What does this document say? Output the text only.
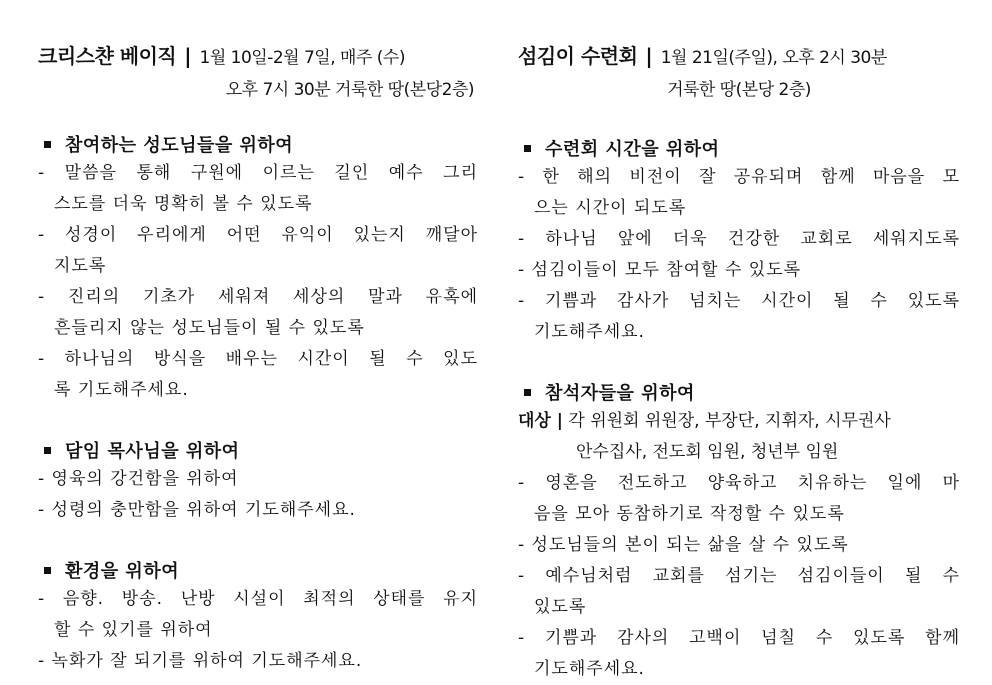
크리스챤 베이직 | 1월 10일-2월 7일, 매주 (수)
오후 7시 30분 거룩한 땅(본당2층)
참여하는 성도님들을 위하여
- 말씀을 통해 구원에 이르는 길인 예수 그리
스도를 더욱 명확히 볼 수 있도록
- 성경이 우리에게 어떤 유익이 있는지 깨달아
지도록
- 진리의 기초가 세워져 세상의 말과 유혹에
흔들리지 않는 성도님들이 될 수 있도록
- 하나님의 방식을 배우는 시간이 될 수 있도
록 기도해주세요.
담임 목사님을 위하여
- 영육의 강건함을 위하여
- 성령의 충만함을 위하여 기도해주세요.
환경을 위하여
- 음향. 방송. 난방 시설이 최적의 상태를 유지
할 수 있기를 위하여
- 녹화가 잘 되기를 위하여 기도해주세요.
섬김이 수련회 | 1월 21일(주일), 오후 2시 30분
거룩한 땅(본당 2층)
수련회 시간을 위하여
- 한 해의 비전이 잘 공유되며 함께 마음을 모
으는 시간이 되도록
- 하나님 앞에 더욱 건강한 교회로 세워지도록
- 섬김이들이 모두 참여할 수 있도록
- 기쁨과 감사가 넘치는 시간이 될 수 있도록
기도해주세요.
참석자들을 위하여
대상 | 각 위원회 위원장, 부장단, 지휘자, 시무권사
안수집사, 전도회 임원, 청년부 임원
- 영혼을 전도하고 양육하고 치유하는 일에 마
음을 모아 동참하기로 작정할 수 있도록
- 성도님들의 본이 되는 삶을 살 수 있도록
- 예수님처럼 교회를 섬기는 섬김이들이 될 수
있도록
- 기쁨과 감사의 고백이 넘칠 수 있도록 함께
기도해주세요.
